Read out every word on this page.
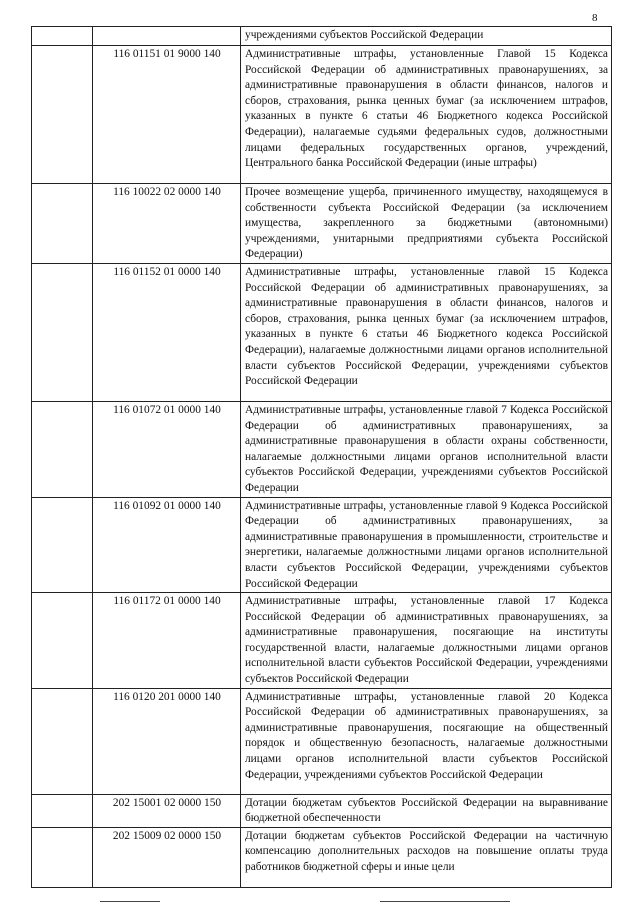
8
		учреждениями субъектов Российской Федерации
	116 01151 01 9000 140	Административные штрафы, установленные Главой 15 Кодекса Российской Федерации об административных правонарушениях, за административные правонарушения в области финансов, налогов и сборов, страхования, рынка ценных бумаг (за исключением штрафов, указанных в пункте 6 статьи 46 Бюджетного кодекса Российской Федерации), налагаемые судьями федеральных судов, должностными лицами федеральных государственных органов, учреждений, Центрального банка Российской Федерации (иные штрафы)
	116 10022 02 0000 140	Прочее возмещение ущерба, причиненного имуществу, находящемуся в собственности субъекта Российской Федерации (за исключением имущества, закрепленного за бюджетными (автономными) учреждениями, унитарными предприятиями субъекта Российской Федерации)
	116 01152 01 0000 140	Административные штрафы, установленные главой 15 Кодекса Российской Федерации об административных правонарушениях, за административные правонарушения в области финансов, налогов и сборов, страхования, рынка ценных бумаг (за исключением штрафов, указанных в пункте 6 статьи 46 Бюджетного кодекса Российской Федерации), налагаемые должностными лицами органов исполнительной власти субъектов Российской Федерации, учреждениями субъектов Российской Федерации
	116 01072 01 0000 140	Административные штрафы, установленные главой 7 Кодекса Российской Федерации об административных правонарушениях, за административные правонарушения в области охраны собственности, налагаемые должностными лицами органов исполнительной власти субъектов Российской Федерации, учреждениями субъектов Российской Федерации
	116 01092 01 0000 140	Административные штрафы, установленные главой 9 Кодекса Российской Федерации об административных правонарушениях, за административные правонарушения в промышленности, строительстве и энергетики, налагаемые должностными лицами органов исполнительной власти субъектов Российской Федерации, учреждениями субъектов Российской Федерации
	116 01172 01 0000 140	Административные штрафы, установленные главой 17 Кодекса Российской Федерации об административных правонарушениях, за административные правонарушения, посягающие на институты государственной власти, налагаемые должностными лицами органов исполнительной власти субъектов Российской Федерации, учреждениями субъектов Российской Федерации
	116 0120 201 0000 140	Административные штрафы, установленные главой 20 Кодекса Российской Федерации об административных правонарушениях, за административные правонарушения, посягающие на общественный порядок и общественную безопасность, налагаемые должностными лицами органов исполнительной власти субъектов Российской Федерации, учреждениями субъектов Российской Федерации
	202 15001 02 0000 150	Дотации бюджетам субъектов Российской Федерации на выравнивание бюджетной обеспеченности
	202 15009 02 0000 150	Дотации бюджетам субъектов Российской Федерации на частичную компенсацию дополнительных расходов на повышение оплаты труда работников бюджетной сферы и иные цели
